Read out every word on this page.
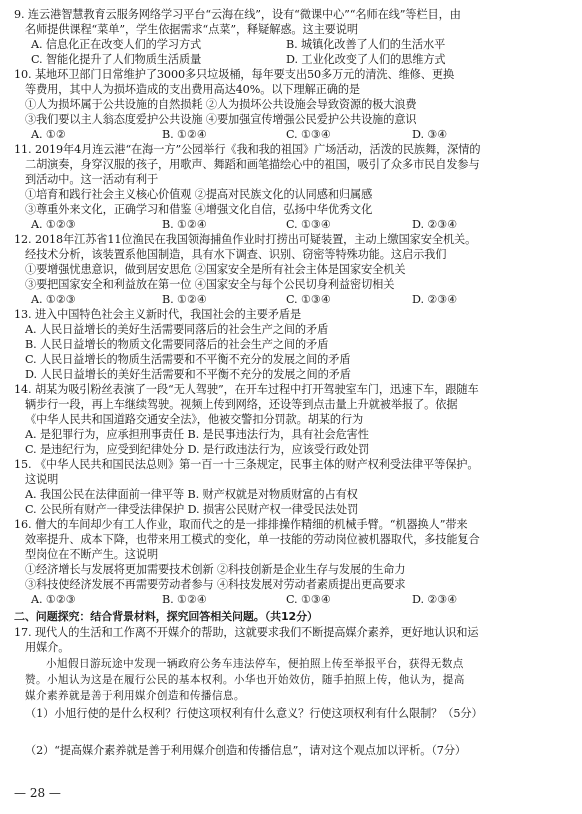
9. 连云港智慧教育云服务网络学习平台“云海在线”，设有“微课中心”“名师在线”等栏目，由
名师提供课程“菜单”，学生依据需求“点菜”，释疑解惑。这主要说明
A. 信息化正在改变人们的学习方式	B. 城镇化改善了人们的生活水平
C. 智能化提升了人们物质生活质量	D. 工业化改变了人们的思维方式
10. 某地环卫部门日常维护了3000多只垃圾桶，每年要支出50多万元的清洗、维修、更换
等费用，其中人为损坏造成的支出费用高达40%。以下理解正确的是
①人为损坏属于公共设施的自然损耗 ②人为损坏公共设施会导致资源的极大浪费
③我们要以主人翁态度爱护公共设施 ④要加强宣传增强公民爱护公共设施的意识
A. ①②	B. ①②④	C. ①③④	D. ③④
11. 2019年4月连云港“在海一方”公园举行《我和我的祖国》广场活动，活泼的民族舞，深情的
二胡演奏，身穿汉服的孩子，用歌声、舞蹈和画笔描绘心中的祖国，吸引了众多市民自发参与
到活动中。这一活动有利于
①培育和践行社会主义核心价值观 ②提高对民族文化的认同感和归属感
③尊重外来文化，正确学习和借鉴 ④增强文化自信，弘扬中华优秀文化
A. ①②③	B. ①②④	C. ①③④	D. ②③④
12. 2018年江苏省11位渔民在我国领海捕鱼作业时打捞出可疑装置，主动上缴国家安全机关。
经技术分析，该装置系他国制造，具有水下调查、识别、窃密等特殊功能。这启示我们
①要增强忧患意识，做到居安思危 ②国家安全是所有社会主体是国家安全机关
③要把国家安全和利益放在第一位 ④国家安全与每个公民切身利益密切相关
A. ①②③	B. ①②④	C. ①③④	D. ②③④
13. 进入中国特色社会主义新时代，我国社会的主要矛盾是
A. 人民日益增长的美好生活需要同落后的社会生产之间的矛盾
B. 人民日益增长的物质文化需要同落后的社会生产之间的矛盾
C. 人民日益增长的物质生活需要和不平衡不充分的发展之间的矛盾
D. 人民日益增长的美好生活需要和不平衡不充分的发展之间的矛盾
14. 胡某为吸引粉丝表演了一段“无人驾驶”，在开车过程中打开驾驶室车门，迅速下车，跟随车
辆步行一段，再上车继续驾驶。视频上传到网络，还设等到点击量上升就被举报了。依据
《中华人民共和国道路交通安全法》，他被交警扣分罚款。胡某的行为
A. 是犯罪行为，应承担刑事责任 B. 是民事违法行为，具有社会危害性
C. 是违纪行为，应受到纪律处分 D. 是行政违法行为，应该受行政处罚
15. 《中华人民共和国民法总则》第一百一十三条规定，民事主体的财产权利受法律平等保护。
这说明
A. 我国公民在法律面前一律平等 B. 财产权就是对物质财富的占有权
C. 公民所有财产一律受法律保护 D. 损害公民财产权一律受民法处罚
16. 僧大的车间却少有工人作业，取而代之的是一排排操作精细的机械手臂。“机器换人”带来
效率提升、成本下降，也带来用工模式的变化，单一技能的劳动岗位被机器取代，多技能复合
型岗位在不断产生。这说明
①经济增长与发展将更加需要技术创新 ②科技创新是企业生存与发展的生命力
③科技使经济发展不再需要劳动者参与 ④科技发展对劳动者素质提出更高要求
A. ①②③	B. ①②④	C. ①③④	D. ②③④
二、问题探究：结合背景材料，探究回答相关问题。（共12分）
17. 现代人的生活和工作离不开媒介的帮助，这就要求我们不断提高媒介素养，更好地认识和运
用媒介。
小旭假日游玩途中发现一辆政府公务车违法停车，便拍照上传至举报平台，获得无数点
赞。小旭认为这是在履行公民的基本权利。小华也开始效仿，随手拍照上传，他认为，提高
媒介素养就是善于利用媒介创造和传播信息。
（1）小旭行使的是什么权利？行使这项权利有什么意义？行使这项权利有什么限制？（5分）
（2）“提高媒介素养就是善于利用媒介创造和传播信息”，请对这个观点加以评析。（7分）
— 28 —
